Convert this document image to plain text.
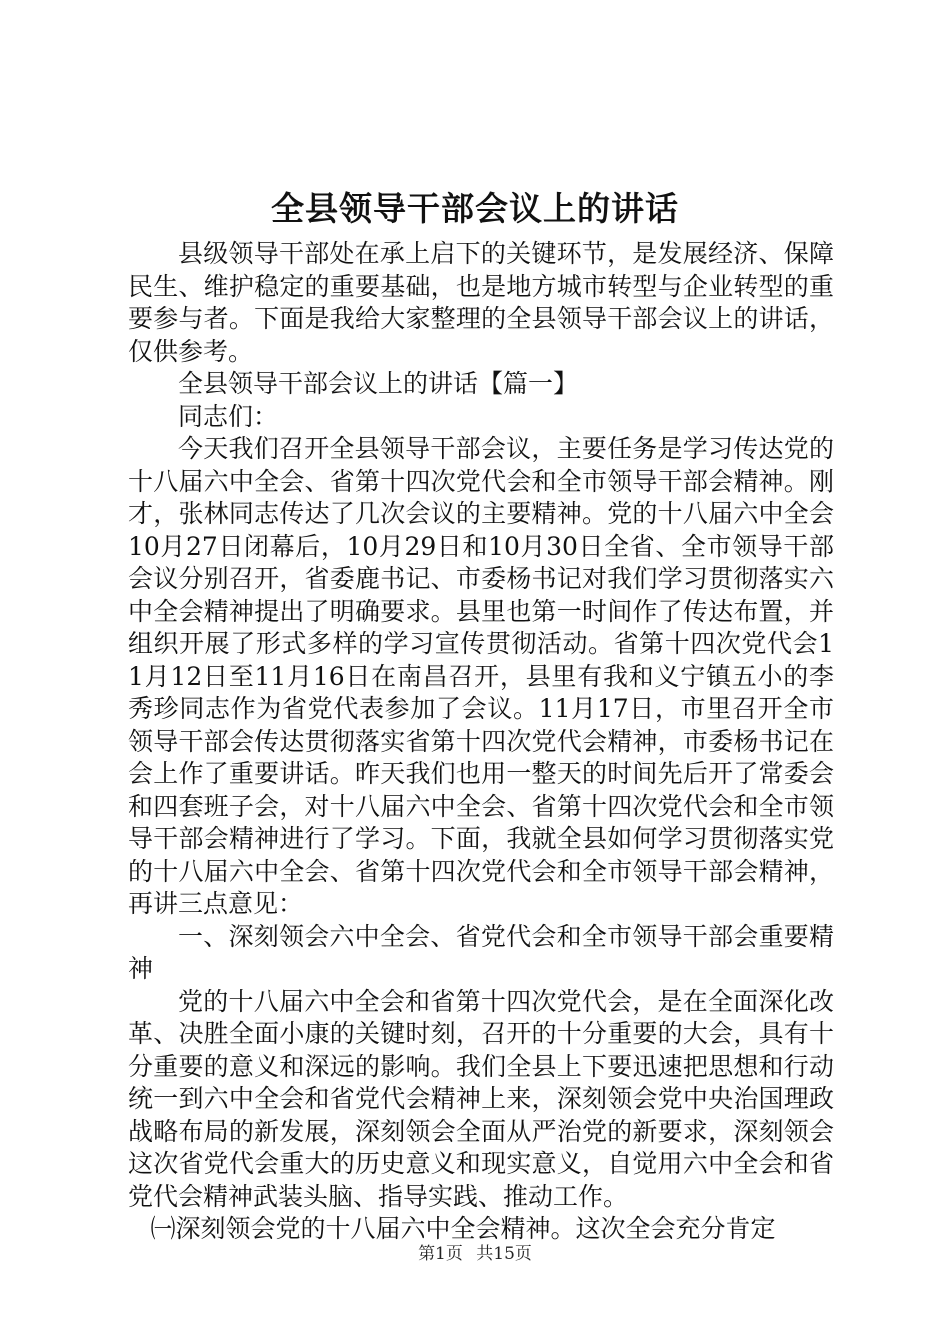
全县领导干部会议上的讲话

县级领导干部处在承上启下的关键环节，是发展经济、保障民生、维护稳定的重要基础，也是地方城市转型与企业转型的重要参与者。下面是我给大家整理的全县领导干部会议上的讲话，仅供参考。

全县领导干部会议上的讲话【篇一】

同志们：

今天我们召开全县领导干部会议，主要任务是学习传达党的十八届六中全会、省第十四次党代会和全市领导干部会精神。刚才，张林同志传达了几次会议的主要精神。党的十八届六中全会10月27日闭幕后，10月29日和10月30日全省、全市领导干部会议分别召开，省委鹿书记、市委杨书记对我们学习贯彻落实六中全会精神提出了明确要求。县里也第一时间作了传达布置，并组织开展了形式多样的学习宣传贯彻活动。省第十四次党代会11月12日至11月16日在南昌召开，县里有我和义宁镇五小的李秀珍同志作为省党代表参加了会议。11月17日，市里召开全市领导干部会传达贯彻落实省第十四次党代会精神，市委杨书记在会上作了重要讲话。昨天我们也用一整天的时间先后开了常委会和四套班子会，对十八届六中全会、省第十四次党代会和全市领导干部会精神进行了学习。下面，我就全县如何学习贯彻落实党的十八届六中全会、省第十四次党代会和全市领导干部会精神，再讲三点意见：

一、深刻领会六中全会、省党代会和全市领导干部会重要精神

党的十八届六中全会和省第十四次党代会，是在全面深化改革、决胜全面小康的关键时刻，召开的十分重要的大会，具有十分重要的意义和深远的影响。我们全县上下要迅速把思想和行动统一到六中全会和省党代会精神上来，深刻领会党中央治国理政战略布局的新发展，深刻领会全面从严治党的新要求，深刻领会这次省党代会重大的历史意义和现实意义，自觉用六中全会和省党代会精神武装头脑、指导实践、推动工作。

㈠深刻领会党的十八届六中全会精神。这次全会充分肯定

第1页 共15页
